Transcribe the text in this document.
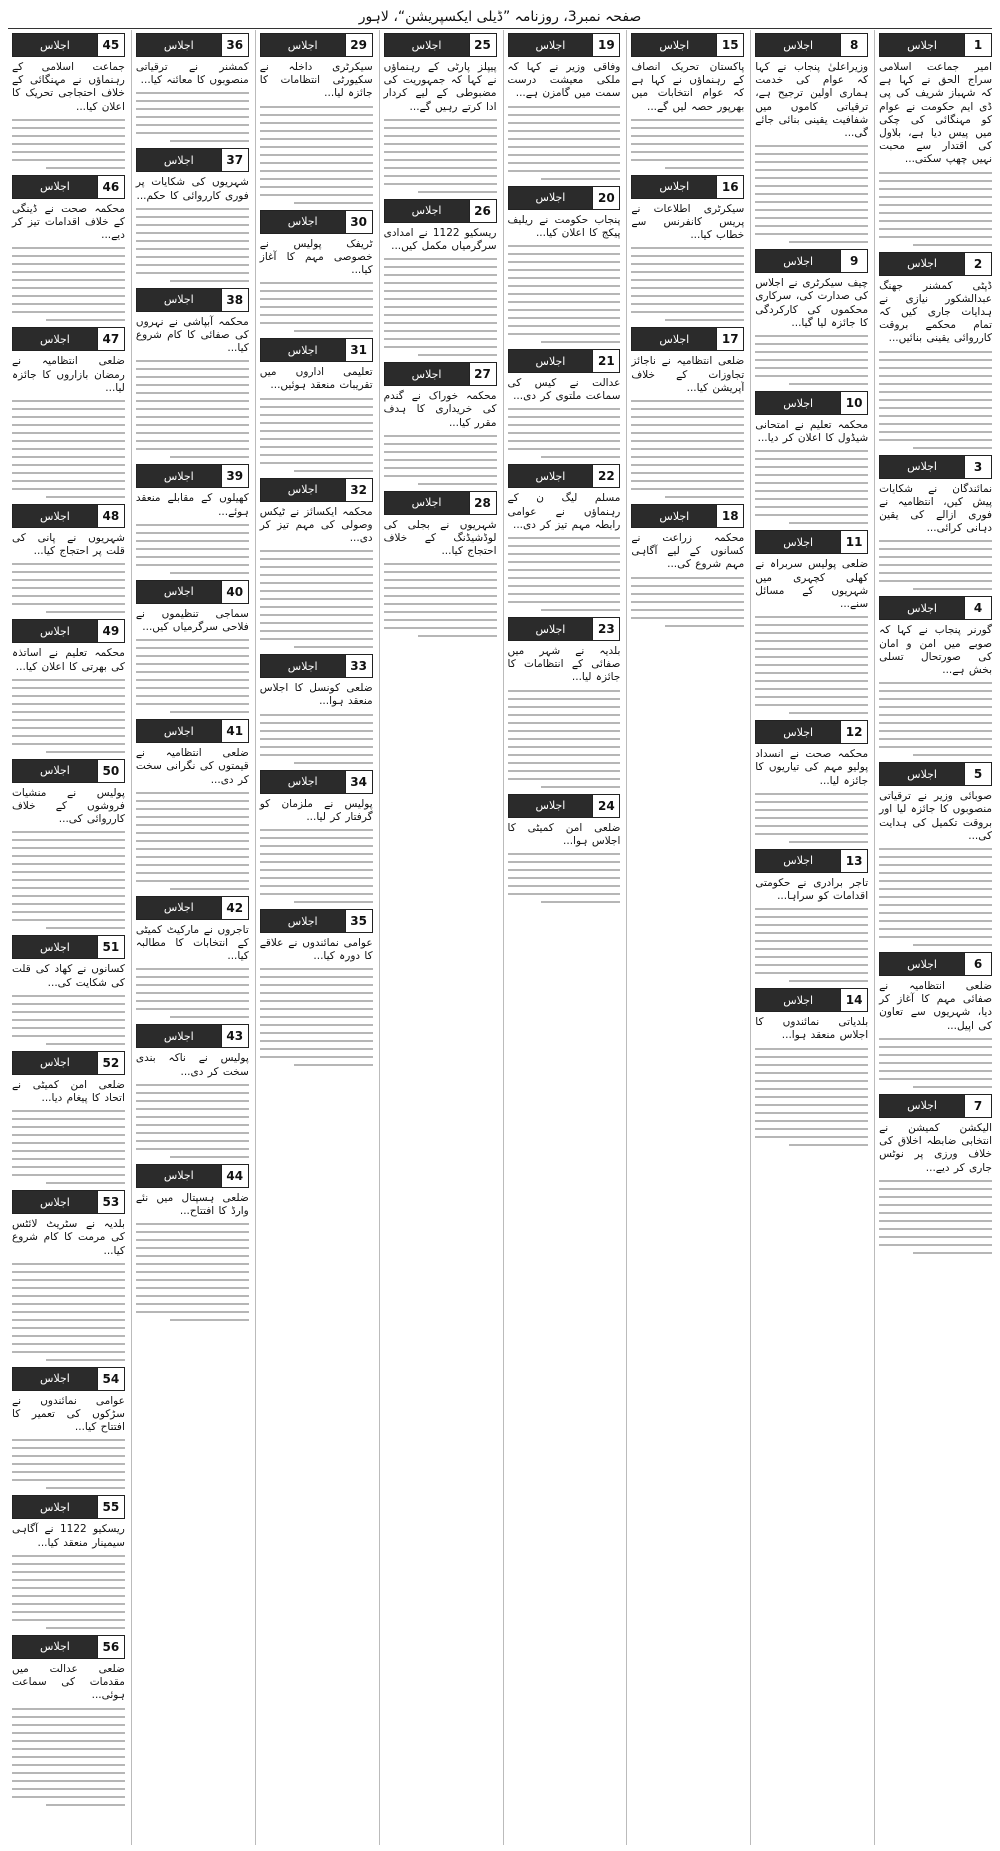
صفحہ نمبر3، روزنامہ ”ڈیلی ایکسپریشن“، لاہور
1
اجلاس
امیر جماعت اسلامی سراج الحق نے کہا ہے کہ شہباز شریف کی پی ڈی ایم حکومت نے عوام کو مہنگائی کی چکی میں پیس دیا ہے، بلاول کی اقتدار سے محبت نہیں چھپ سکتی...
2
اجلاس
ڈپٹی کمشنر جھنگ عبدالشکور نیازی نے ہدایات جاری کیں کہ تمام محکمے بروقت کارروائی یقینی بنائیں...
3
اجلاس
نمائندگان نے شکایات پیش کیں، انتظامیہ نے فوری ازالے کی یقین دہانی کرائی...
4
اجلاس
گورنر پنجاب نے کہا کہ صوبے میں امن و امان کی صورتحال تسلی بخش ہے...
5
اجلاس
صوبائی وزیر نے ترقیاتی منصوبوں کا جائزہ لیا اور بروقت تکمیل کی ہدایت کی...
6
اجلاس
ضلعی انتظامیہ نے صفائی مہم کا آغاز کر دیا، شہریوں سے تعاون کی اپیل...
7
اجلاس
الیکشن کمیشن نے انتخابی ضابطہ اخلاق کی خلاف ورزی پر نوٹس جاری کر دیے...
8
اجلاس
وزیراعلیٰ پنجاب نے کہا کہ عوام کی خدمت ہماری اولین ترجیح ہے، ترقیاتی کاموں میں شفافیت یقینی بنائی جائے گی...
9
اجلاس
چیف سیکرٹری نے اجلاس کی صدارت کی، سرکاری محکموں کی کارکردگی کا جائزہ لیا گیا...
10
اجلاس
محکمہ تعلیم نے امتحانی شیڈول کا اعلان کر دیا...
11
اجلاس
ضلعی پولیس سربراہ نے کھلی کچہری میں شہریوں کے مسائل سنے...
12
اجلاس
محکمہ صحت نے انسداد پولیو مہم کی تیاریوں کا جائزہ لیا...
13
اجلاس
تاجر برادری نے حکومتی اقدامات کو سراہا...
14
اجلاس
بلدیاتی نمائندوں کا اجلاس منعقد ہوا...
15
اجلاس
پاکستان تحریک انصاف کے رہنماؤں نے کہا ہے کہ عوام انتخابات میں بھرپور حصہ لیں گے...
16
اجلاس
سیکرٹری اطلاعات نے پریس کانفرنس سے خطاب کیا...
17
اجلاس
ضلعی انتظامیہ نے ناجائز تجاوزات کے خلاف آپریشن کیا...
18
اجلاس
محکمہ زراعت نے کسانوں کے لیے آگاہی مہم شروع کی...
19
اجلاس
وفاقی وزیر نے کہا کہ ملکی معیشت درست سمت میں گامزن ہے...
20
اجلاس
پنجاب حکومت نے ریلیف پیکج کا اعلان کیا...
21
اجلاس
عدالت نے کیس کی سماعت ملتوی کر دی...
22
اجلاس
مسلم لیگ ن کے رہنماؤں نے عوامی رابطہ مہم تیز کر دی...
23
اجلاس
بلدیہ نے شہر میں صفائی کے انتظامات کا جائزہ لیا...
24
اجلاس
ضلعی امن کمیٹی کا اجلاس ہوا...
25
اجلاس
پیپلز پارٹی کے رہنماؤں نے کہا کہ جمہوریت کی مضبوطی کے لیے کردار ادا کرتے رہیں گے...
26
اجلاس
ریسکیو 1122 نے امدادی سرگرمیاں مکمل کیں...
27
اجلاس
محکمہ خوراک نے گندم کی خریداری کا ہدف مقرر کیا...
28
اجلاس
شہریوں نے بجلی کی لوڈشیڈنگ کے خلاف احتجاج کیا...
29
اجلاس
سیکرٹری داخلہ نے سکیورٹی انتظامات کا جائزہ لیا...
30
اجلاس
ٹریفک پولیس نے خصوصی مہم کا آغاز کیا...
31
اجلاس
تعلیمی اداروں میں تقریبات منعقد ہوئیں...
32
اجلاس
محکمہ ایکسائز نے ٹیکس وصولی کی مہم تیز کر دی...
33
اجلاس
ضلعی کونسل کا اجلاس منعقد ہوا...
34
اجلاس
پولیس نے ملزمان کو گرفتار کر لیا...
35
اجلاس
عوامی نمائندوں نے علاقے کا دورہ کیا...
36
اجلاس
کمشنر نے ترقیاتی منصوبوں کا معائنہ کیا...
37
اجلاس
شہریوں کی شکایات پر فوری کارروائی کا حکم...
38
اجلاس
محکمہ آبپاشی نے نہروں کی صفائی کا کام شروع کیا...
39
اجلاس
کھیلوں کے مقابلے منعقد ہوئے...
40
اجلاس
سماجی تنظیموں نے فلاحی سرگرمیاں کیں...
41
اجلاس
ضلعی انتظامیہ نے قیمتوں کی نگرانی سخت کر دی...
42
اجلاس
تاجروں نے مارکیٹ کمیٹی کے انتخابات کا مطالبہ کیا...
43
اجلاس
پولیس نے ناکہ بندی سخت کر دی...
44
اجلاس
ضلعی ہسپتال میں نئے وارڈ کا افتتاح...
45
اجلاس
جماعت اسلامی کے رہنماؤں نے مہنگائی کے خلاف احتجاجی تحریک کا اعلان کیا...
46
اجلاس
محکمہ صحت نے ڈینگی کے خلاف اقدامات تیز کر دیے...
47
اجلاس
ضلعی انتظامیہ نے رمضان بازاروں کا جائزہ لیا...
48
اجلاس
شہریوں نے پانی کی قلت پر احتجاج کیا...
49
اجلاس
محکمہ تعلیم نے اساتذہ کی بھرتی کا اعلان کیا...
50
اجلاس
پولیس نے منشیات فروشوں کے خلاف کارروائی کی...
51
اجلاس
کسانوں نے کھاد کی قلت کی شکایت کی...
52
اجلاس
ضلعی امن کمیٹی نے اتحاد کا پیغام دیا...
53
اجلاس
بلدیہ نے سٹریٹ لائٹس کی مرمت کا کام شروع کیا...
54
اجلاس
عوامی نمائندوں نے سڑکوں کی تعمیر کا افتتاح کیا...
55
اجلاس
ریسکیو 1122 نے آگاہی سیمینار منعقد کیا...
56
اجلاس
ضلعی عدالت میں مقدمات کی سماعت ہوئی...
